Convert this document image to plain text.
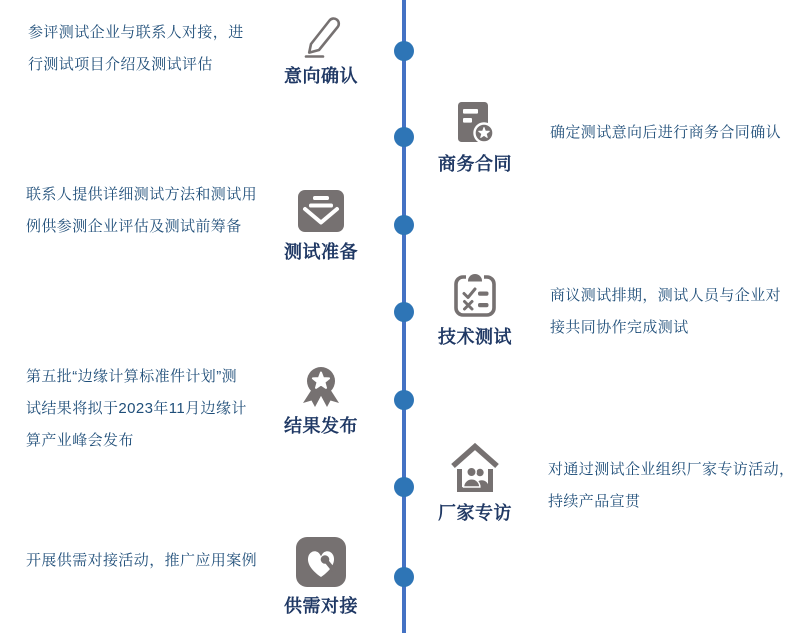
参评测试企业与联系人对接，进
行测试项目介绍及测试评估
意向确认
商务合同
确定测试意向后进行商务合同确认
联系人提供详细测试方法和测试用
例供参测企业评估及测试前筹备
测试准备
技术测试
商议测试排期，测试人员与企业对
接共同协作完成测试
第五批“边缘计算标准件计划”测
试结果将拟于2023年11月边缘计
算产业峰会发布
结果发布
厂家专访
对通过测试企业组织厂家专访活动，
持续产品宣贯
开展供需对接活动，推广应用案例
供需对接
